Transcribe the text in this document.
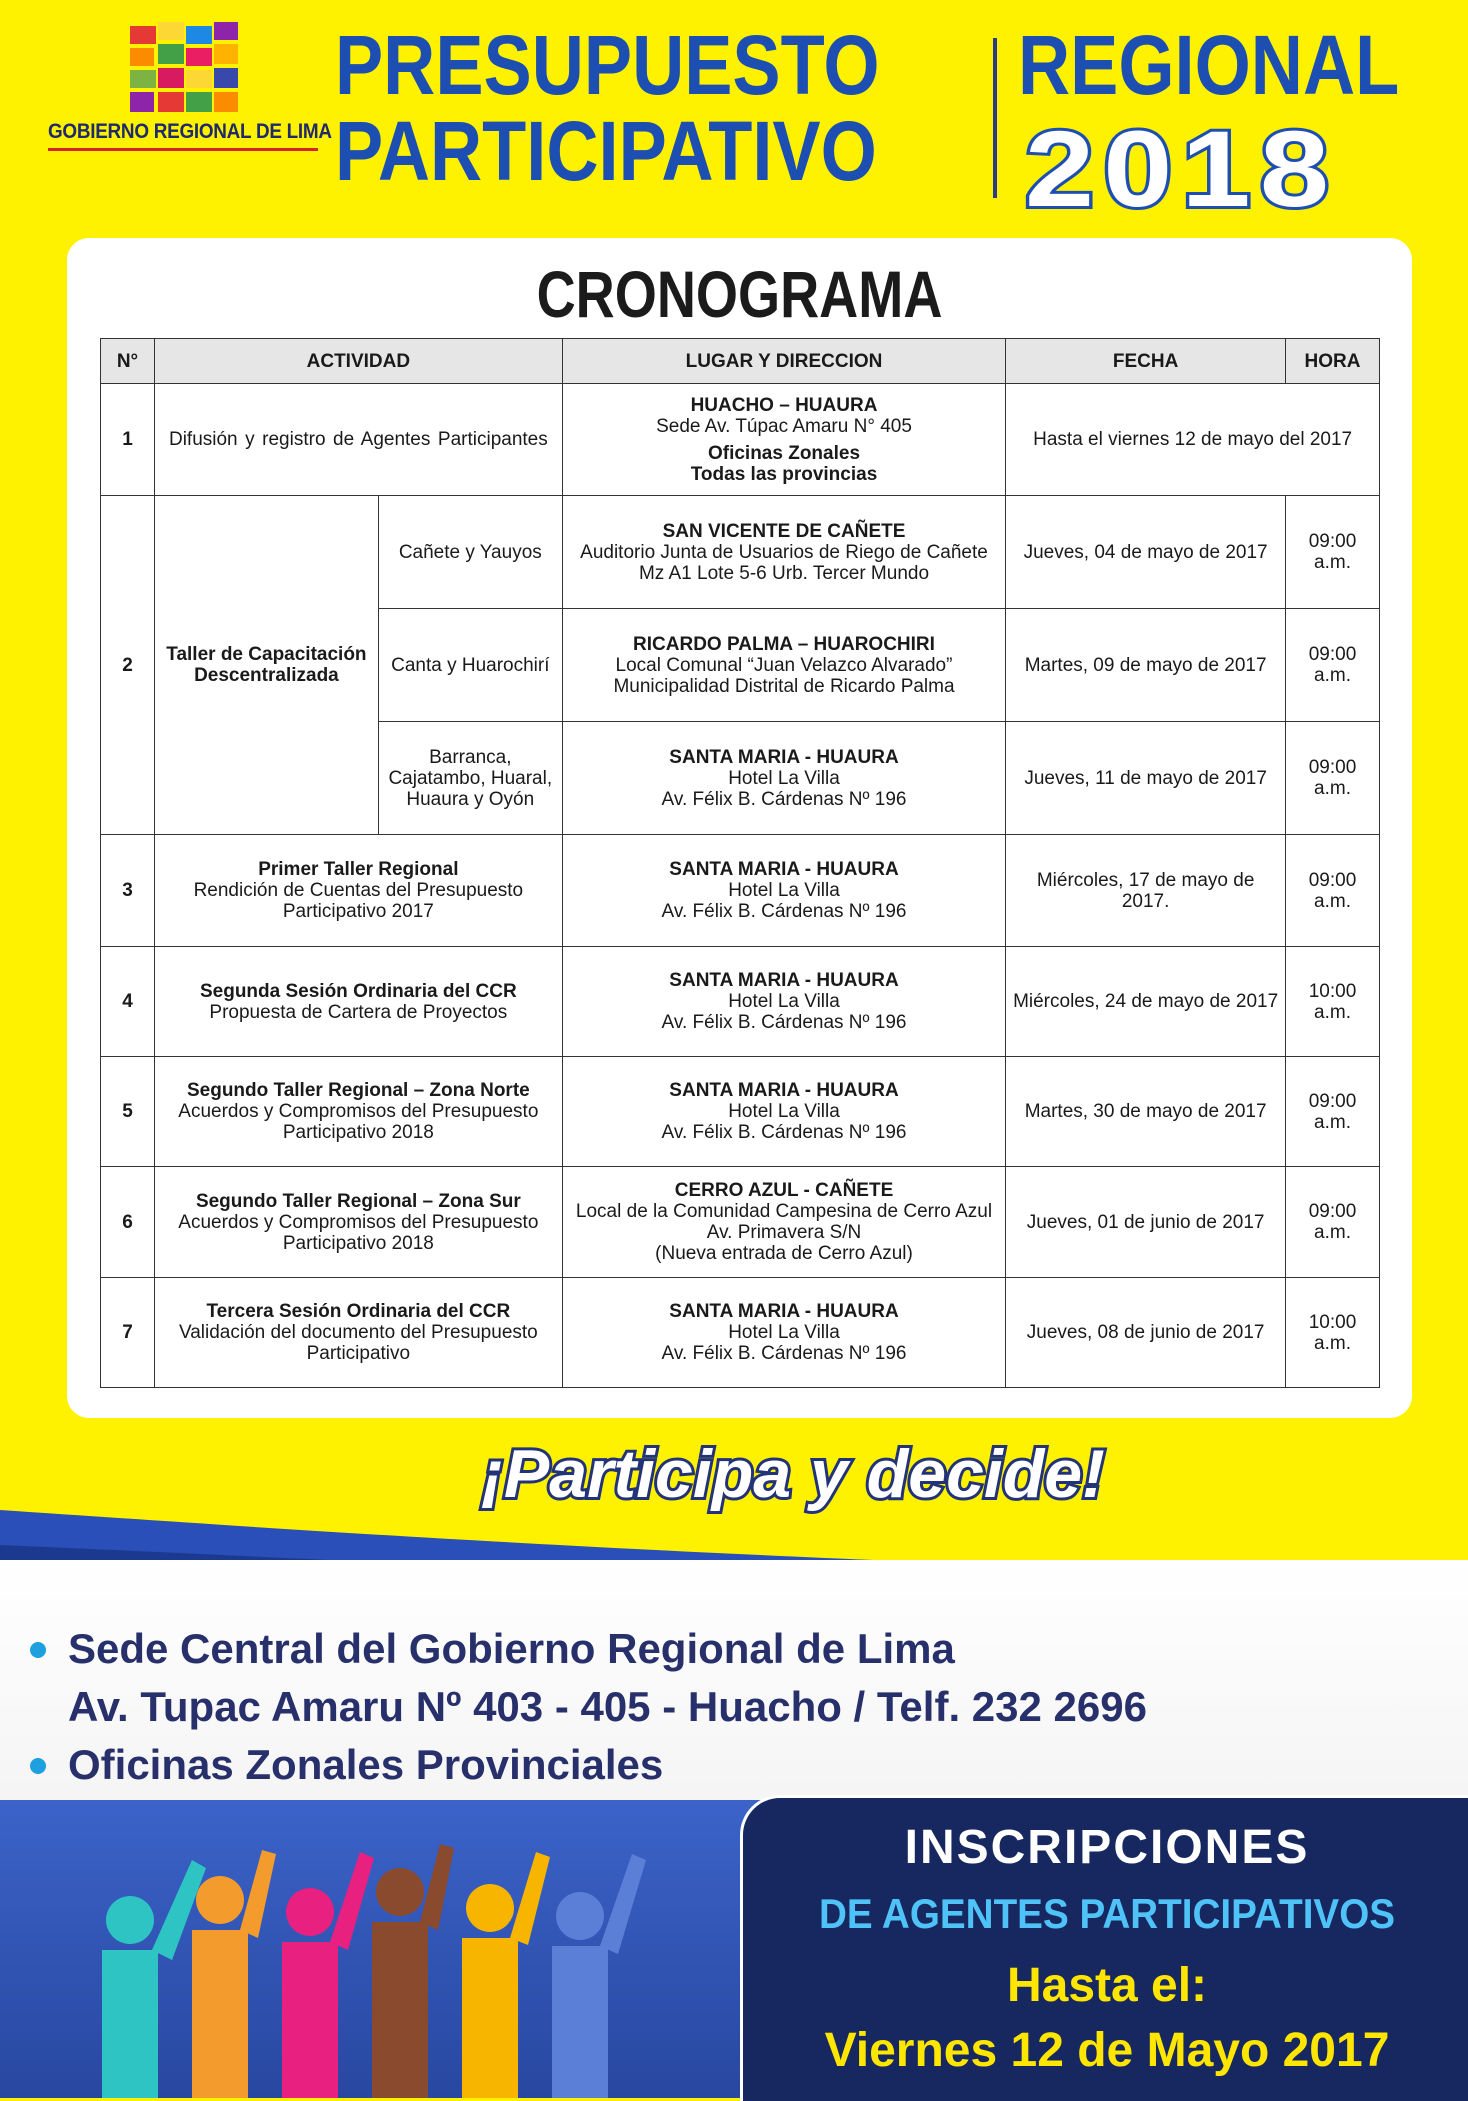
GOBIERNO REGIONAL DE LIMA
PRESUPUESTO
PARTICIPATIVO
REGIONAL
2018
CRONOGRAMA
N°	ACTIVIDAD		LUGAR Y DIRECCION	FECHA	HORA
1	Difusión y registro de Agentes Participantes		HUACHO – HUAURA
Sede Av. Túpac Amaru N° 405
Oficinas Zonales
Todas las provincias	Hasta el viernes 12 de mayo del 2017	
2	Taller de Capacitación Descentralizada	Cañete y Yauyos	SAN VICENTE DE CAÑETE
Auditorio Junta de Usuarios de Riego de Cañete
Mz A1 Lote 5-6 Urb. Tercer Mundo	Jueves, 04 de mayo de 2017	09:00 a.m.
		Canta y Huarochirí	RICARDO PALMA – HUAROCHIRI
Local Comunal “Juan Velazco Alvarado”
Municipalidad Distrital de Ricardo Palma	Martes, 09 de mayo de 2017	09:00 a.m.
		Barranca, Cajatambo, Huaral, Huaura y Oyón	SANTA MARIA - HUAURA
Hotel La Villa
Av. Félix B. Cárdenas Nº 196	Jueves, 11 de mayo de 2017	09:00 a.m.
3	Primer Taller Regional
Rendición de Cuentas del Presupuesto Participativo 2017		SANTA MARIA - HUAURA
Hotel La Villa
Av. Félix B. Cárdenas Nº 196	Miércoles, 17 de mayo de 2017.	09:00 a.m.
4	Segunda Sesión Ordinaria del CCR
Propuesta de Cartera de Proyectos		SANTA MARIA - HUAURA
Hotel La Villa
Av. Félix B. Cárdenas Nº 196	Miércoles, 24 de mayo de 2017	10:00 a.m.
5	Segundo Taller Regional – Zona Norte
Acuerdos y Compromisos del Presupuesto Participativo 2018		SANTA MARIA - HUAURA
Hotel La Villa
Av. Félix B. Cárdenas Nº 196	Martes, 30 de mayo de 2017	09:00 a.m.
6	Segundo Taller Regional – Zona Sur
Acuerdos y Compromisos del Presupuesto Participativo 2018		CERRO AZUL - CAÑETE
Local de la Comunidad Campesina de Cerro Azul
Av. Primavera S/N
(Nueva entrada de Cerro Azul)	Jueves, 01 de junio de 2017	09:00 a.m.
7	Tercera Sesión Ordinaria del CCR
Validación del documento del Presupuesto Participativo		SANTA MARIA - HUAURA
Hotel La Villa
Av. Félix B. Cárdenas Nº 196	Jueves, 08 de junio de 2017	10:00 a.m.
¡Participa y decide!
Sede Central del Gobierno Regional de Lima
Av. Tupac Amaru Nº 403 - 405 - Huacho / Telf. 232 2696
Oficinas Zonales Provinciales
INSCRIPCIONES
DE AGENTES PARTICIPATIVOS
Hasta el:
Viernes 12 de Mayo 2017
